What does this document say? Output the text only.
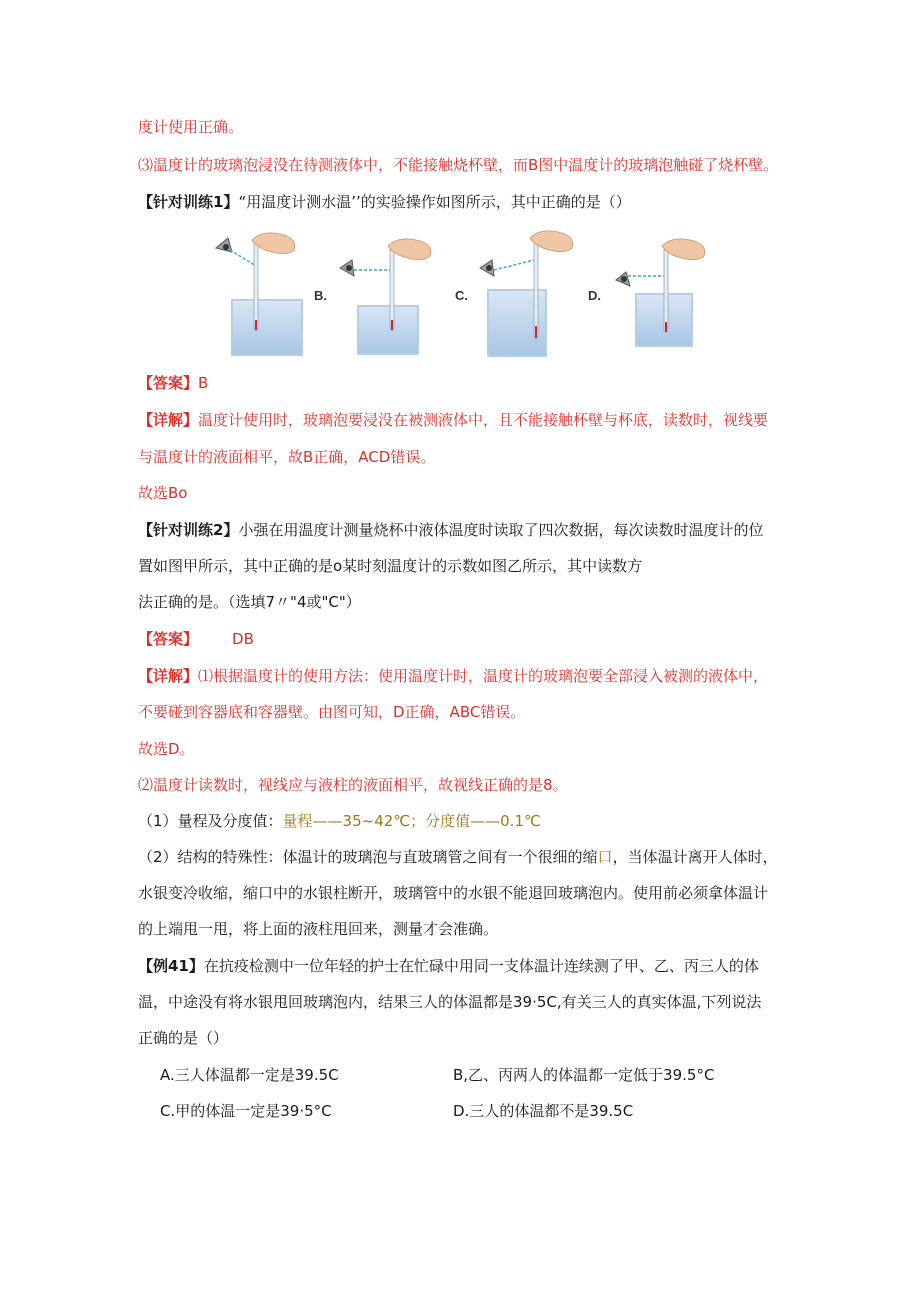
度计使用正确。
⑶温度计的玻璃泡浸没在待测液体中，不能接触烧杯壁，而B图中温度计的玻璃泡触碰了烧杯壁。
【针对训练1】“用温度计测水温’’的实验操作如图所示，其中正确的是（）
B.	C.	D.
【答案】B
【详解】温度计使用时，玻璃泡要浸没在被测液体中，且不能接触杯壁与杯底，读数时，视线要
与温度计的液面相平，故B正确，ACD错误。
故选Bo
【针对训练2】小强在用温度计测量烧杯中液体温度时读取了四次数据，每次读数时温度计的位
置如图甲所示，其中正确的是o某时刻温度计的示数如图乙所示，其中读数方
法正确的是。（选填7〃"4或"C"）
【答案】 DB
【详解】⑴根据温度计的使用方法：使用温度计时，温度计的玻璃泡要全部浸入被测的液体中，
不要碰到容器底和容器壁。由图可知，D正确，ABC错误。
故选D。
⑵温度计读数时，视线应与液柱的液面相平，故视线正确的是8。
（1）量程及分度值：量程——35~42℃；分度值——0.1℃
（2）结构的特殊性：体温计的玻璃泡与直玻璃管之间有一个很细的缩口，当体温计离开人体时，
水银变冷收缩，缩口中的水银柱断开，玻璃管中的水银不能退回玻璃泡内。使用前必须拿体温计
的上端甩一甩，将上面的液柱甩回来，测量才会准确。
【例41】在抗疫检测中一位年轻的护士在忙碌中用同一支体温计连续测了甲、乙、丙三人的体
温，中途没有将水银甩回玻璃泡内，结果三人的体温都是39·5C,有关三人的真实体温,下列说法
正确的是（）
A.三人体温都一定是39.5C	B,乙、丙两人的体温都一定低于39.5°C
C.甲的体温一定是39·5°C	D.三人的体温都不是39.5C
